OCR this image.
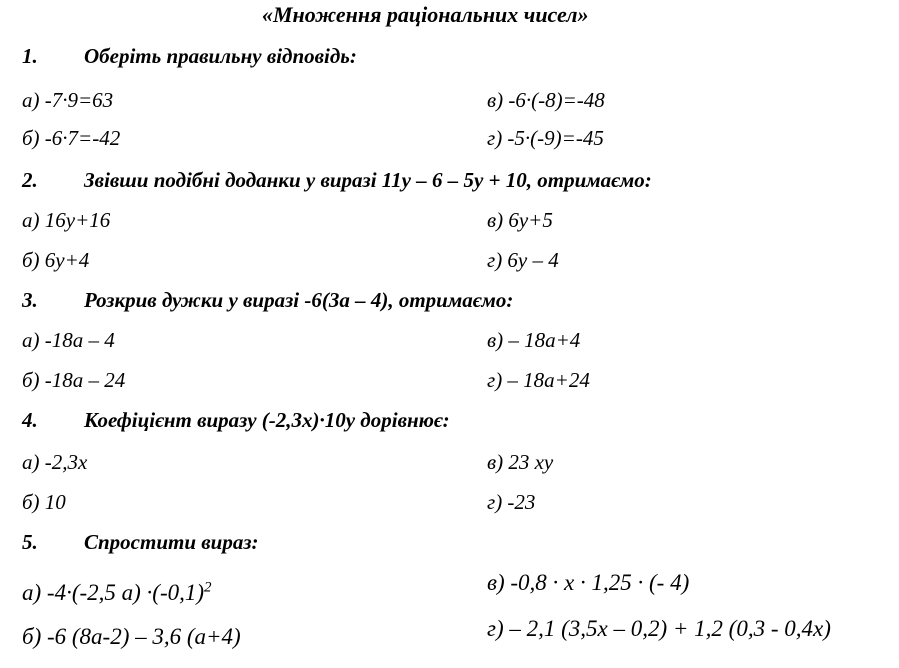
«Множення раціональних чисел»
1. Оберіть правильну відповідь:
а) -7·9=63
б) -6·7=-42
в) -6·(-8)=-48
г) -5·(-9)=-45
2. Звівши подібні доданки у виразі 11у – 6 – 5у + 10, отримаємо:
а) 16у+16
б) 6у+4
в) 6у+5
г) 6у – 4
3. Розкрив дужки у виразі -6(3а – 4), отримаємо:
а) -18а – 4
б) -18а – 24
в) – 18а+4
г) – 18а+24
4. Коефіцієнт виразу (-2,3х)·10у дорівнює:
а) -2,3х
б) 10
в) 23 ху
г) -23
5. Спростити вираз:
а) -4·(-2,5 $а) \cdot(-0,1)^2$
б) -6 (8а-2) – 3,6 (а+4)
в) -0,8 · х · 1,25 · (- 4)
г) – 2,1 (3,5х – 0,2) + 1,2 (0,3 - 0,4х)
